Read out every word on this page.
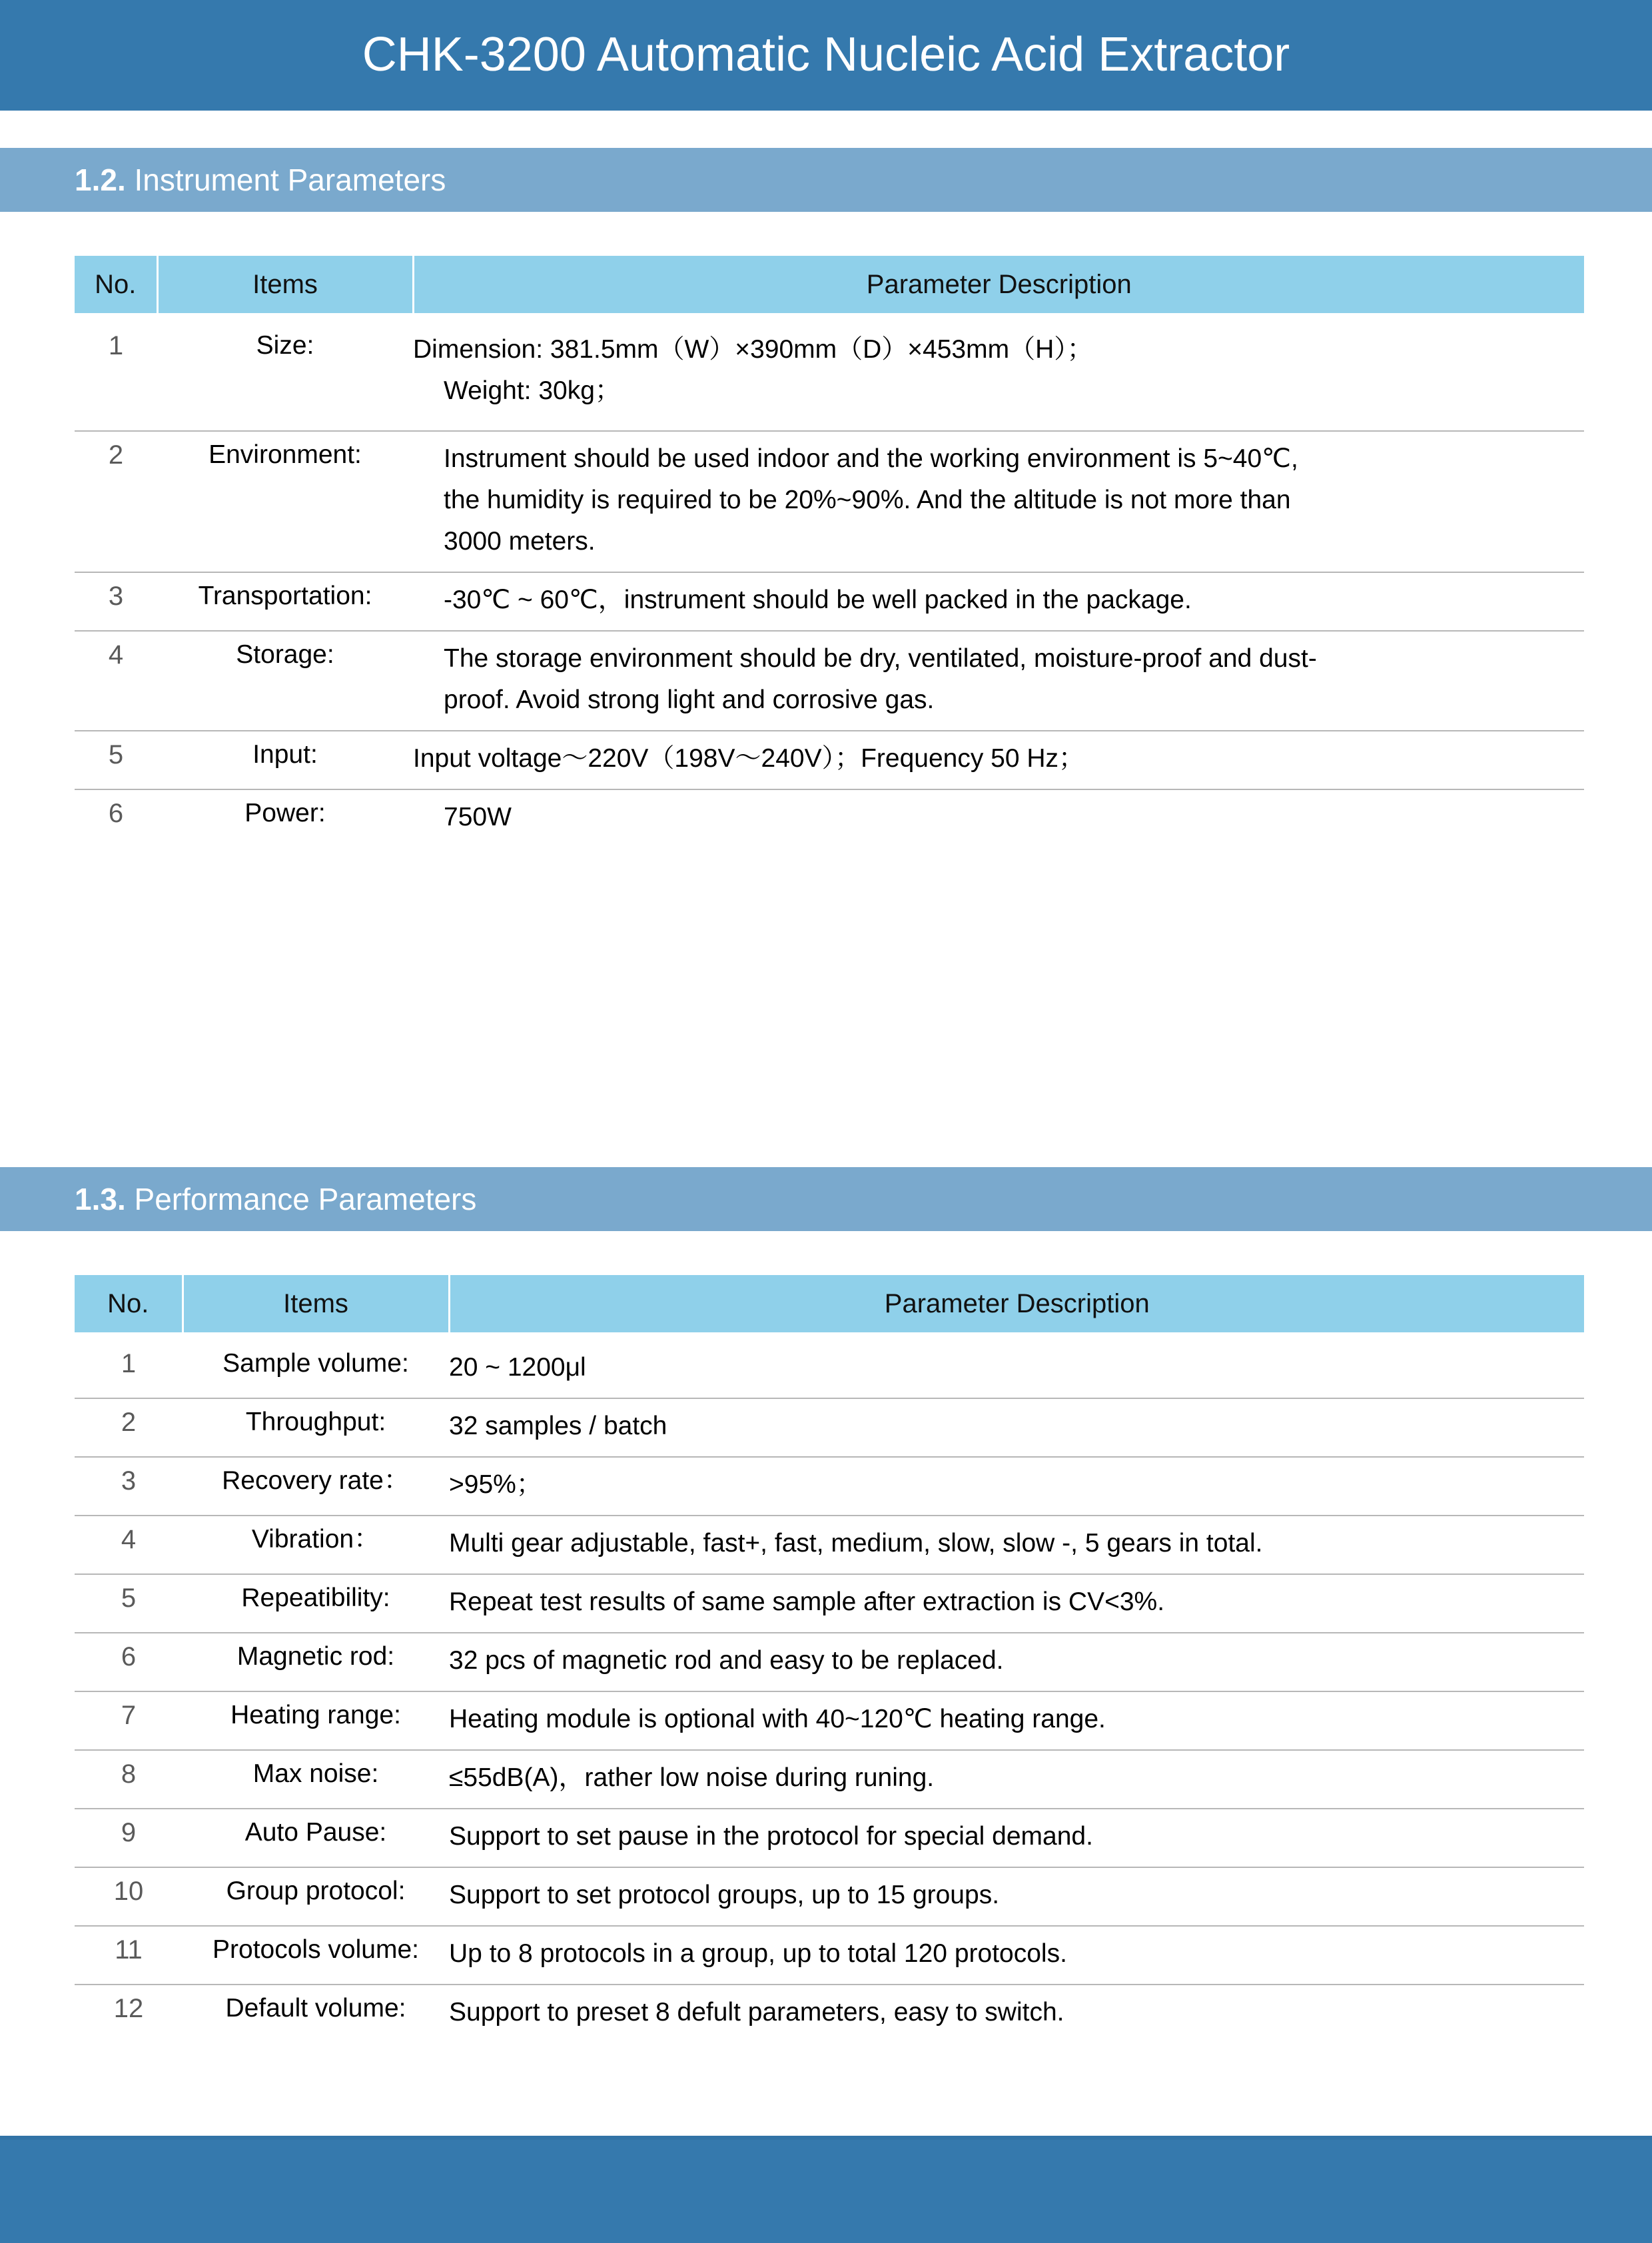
CHK-3200 Automatic Nucleic Acid Extractor
1.2. Instrument Parameters
No.	Items	Parameter Description
1	Size:	Dimension: 381.5mm（W）×390mm（D）×453mm（H）；
Weight: 30kg；

2	Environment:	Instrument should be used indoor and the working environment is 5~40℃,
the humidity is required to be 20%~90%. And the altitude is not more than
3000 meters.

3	Transportation:	‐30℃ ~ 60℃，instrument should be well packed in the package.

4	Storage:	The storage environment should be dry, ventilated, moisture-proof and dust-
proof. Avoid strong light and corrosive gas.

5	Input:	Input voltage～220V（198V～240V）；Frequency 50 Hz；

6	Power:	750W
1.3. Performance Parameters
No.	Items	Parameter Description
1	Sample volume:	20 ~ 1200μl
2	Throughput:	32 samples / batch
3	Recovery rate：	>95%；
4	Vibration：	Multi gear adjustable, fast+, fast, medium, slow, slow -, 5 gears in total.
5	Repeatibility:	Repeat test results of same sample after extraction is CV<3%.
6	Magnetic rod:	32 pcs of magnetic rod and easy to be replaced.
7	Heating range:	Heating module is optional with 40~120℃ heating range.
8	Max noise:	≤55dB(A)，rather low noise during runing.
9	Auto Pause:	Support to set pause in the protocol for special demand.
10	Group protocol:	Support to set protocol groups, up to 15 groups.
11	Protocols volume:	Up to 8 protocols in a group, up to total 120 protocols.
12	Default volume:	Support to preset 8 defult parameters, easy to switch.
